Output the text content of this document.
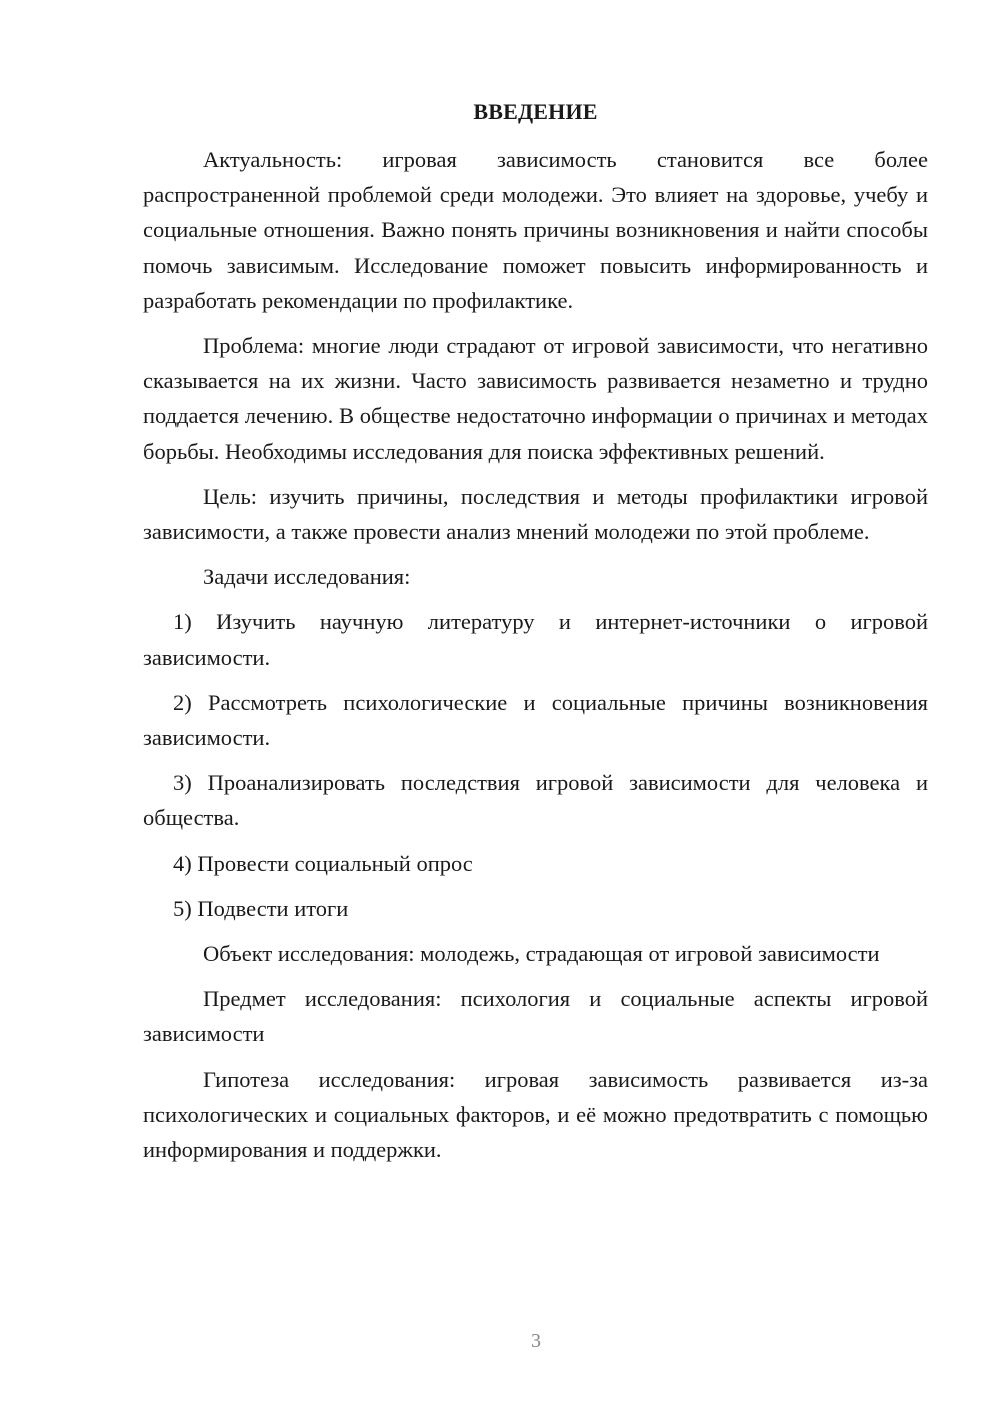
ВВЕДЕНИЕ

Актуальность: игровая зависимость становится все более распространенной проблемой среди молодежи. Это влияет на здоровье, учебу и социальные отношения. Важно понять причины возникновения и найти способы помочь зависимым. Исследование поможет повысить информированность и разработать рекомендации по профилактике.

Проблема: многие люди страдают от игровой зависимости, что негативно сказывается на их жизни. Часто зависимость развивается незаметно и трудно поддается лечению. В обществе недостаточно информации о причинах и методах борьбы. Необходимы исследования для поиска эффективных решений.

Цель: изучить причины, последствия и методы профилактики игровой зависимости, а также провести анализ мнений молодежи по этой проблеме.

Задачи исследования:

1) Изучить научную литературу и интернет-источники о игровой зависимости.

2) Рассмотреть психологические и социальные причины возникновения зависимости.

3) Проанализировать последствия игровой зависимости для человека и общества.

4) Провести социальный опрос

5) Подвести итоги

Объект исследования: молодежь, страдающая от игровой зависимости

Предмет исследования: психология и социальные аспекты игровой зависимости

Гипотеза исследования: игровая зависимость развивается из-за психологических и социальных факторов, и её можно предотвратить с помощью информирования и поддержки.

3
